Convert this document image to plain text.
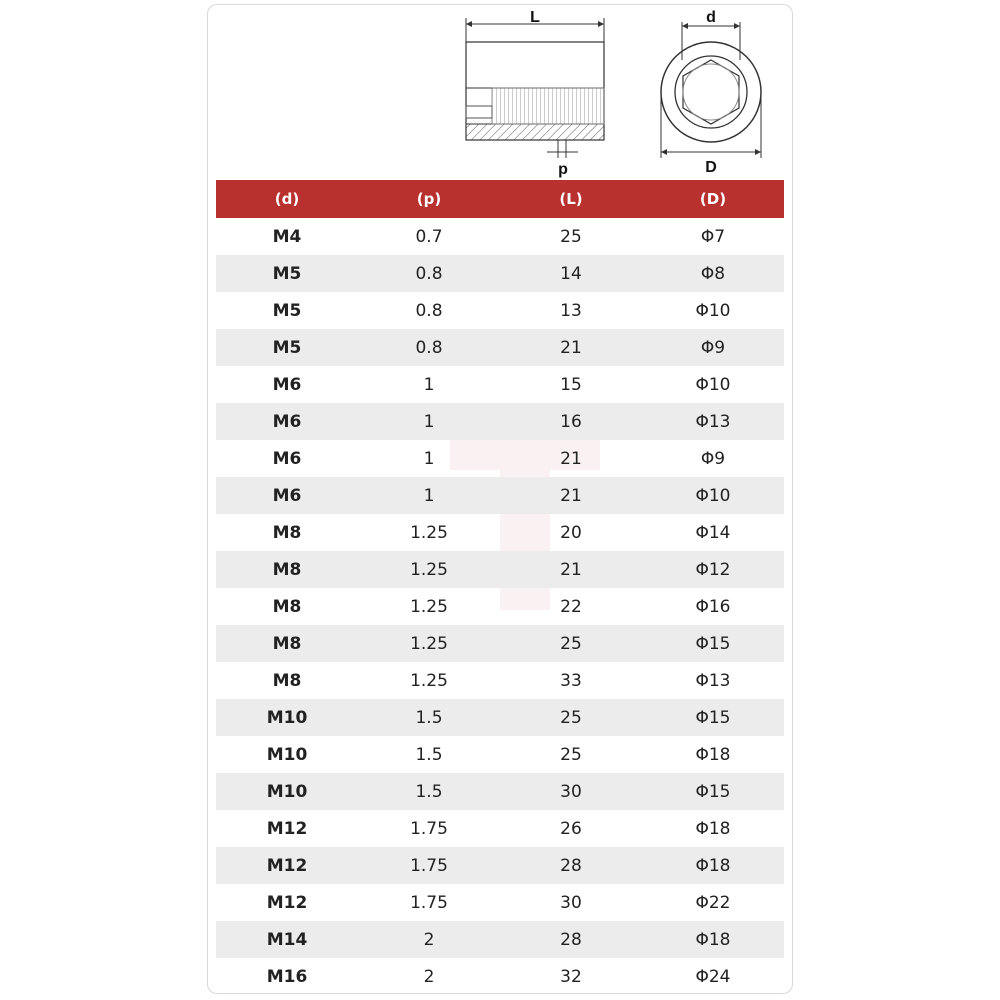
L
p
d
D
(d)	(p)	(L)	(D)
M4	0.7	25	Φ7
M5	0.8	14	Φ8
M5	0.8	13	Φ10
M5	0.8	21	Φ9
M6	1	15	Φ10
M6	1	16	Φ13
M6	1	21	Φ9
M6	1	21	Φ10
M8	1.25	20	Φ14
M8	1.25	21	Φ12
M8	1.25	22	Φ16
M8	1.25	25	Φ15
M8	1.25	33	Φ13
M10	1.5	25	Φ15
M10	1.5	25	Φ18
M10	1.5	30	Φ15
M12	1.75	26	Φ18
M12	1.75	28	Φ18
M12	1.75	30	Φ22
M14	2	28	Φ18
M16	2	32	Φ24
